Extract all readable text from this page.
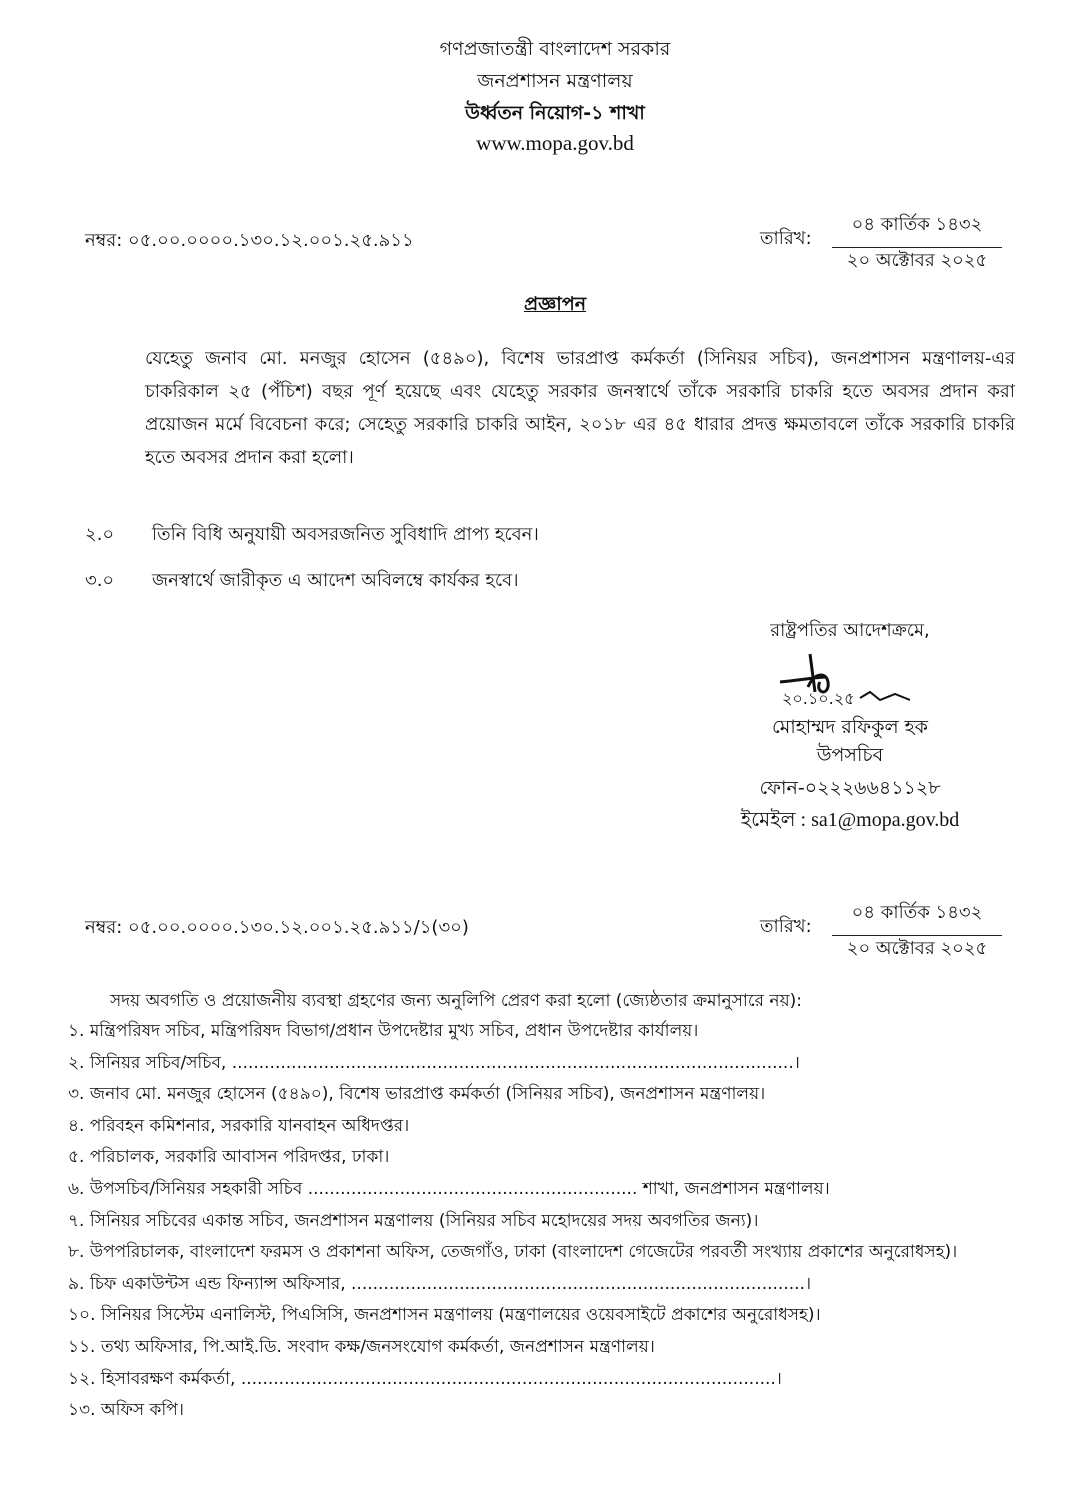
গণপ্রজাতন্ত্রী বাংলাদেশ সরকার
জনপ্রশাসন মন্ত্রণালয়
উর্ধ্বতন নিয়োগ-১ শাখা
www.mopa.gov.bd
নম্বর: ০৫.০০.০০০০.১৩০.১২.০০১.২৫.৯১১	তারিখ:
০৪ কার্তিক ১৪৩২
২০ অক্টোবর ২০২৫
প্রজ্ঞাপন
যেহেতু জনাব মো. মনজুর হোসেন (৫৪৯০), বিশেষ ভারপ্রাপ্ত কর্মকর্তা (সিনিয়র সচিব), জনপ্রশাসন মন্ত্রণালয়-এর চাকরিকাল ২৫ (পঁচিশ) বছর পূর্ণ হয়েছে এবং যেহেতু সরকার জনস্বার্থে তাঁকে সরকারি চাকরি হতে অবসর প্রদান করা প্রয়োজন মর্মে বিবেচনা করে; সেহেতু সরকারি চাকরি আইন, ২০১৮ এর ৪৫ ধারার প্রদত্ত ক্ষমতাবলে তাঁকে সরকারি চাকরি হতে অবসর প্রদান করা হলো।
২.০ তিনি বিধি অনুযায়ী অবসরজনিত সুবিধাদি প্রাপ্য হবেন।
৩.০ জনস্বার্থে জারীকৃত এ আদেশ অবিলম্বে কার্যকর হবে।
রাষ্ট্রপতির আদেশক্রমে,
২০.১০.২৫
মোহাম্মদ রফিকুল হক
উপসচিব
ফোন-০২২২৬৬৪১১২৮
ইমেইল : sa1@mopa.gov.bd
নম্বর: ০৫.০০.০০০০.১৩০.১২.০০১.২৫.৯১১/১(৩০)	তারিখ:
০৪ কার্তিক ১৪৩২
২০ অক্টোবর ২০২৫
সদয় অবগতি ও প্রয়োজনীয় ব্যবস্থা গ্রহণের জন্য অনুলিপি প্রেরণ করা হলো (জ্যেষ্ঠতার ক্রমানুসারে নয়):
১. মন্ত্রিপরিষদ সচিব, মন্ত্রিপরিষদ বিভাগ/প্রধান উপদেষ্টার মুখ্য সচিব, প্রধান উপদেষ্টার কার্যালয়।
২. সিনিয়র সচিব/সচিব, ........................................................................................................।
৩. জনাব মো. মনজুর হোসেন (৫৪৯০), বিশেষ ভারপ্রাপ্ত কর্মকর্তা (সিনিয়র সচিব), জনপ্রশাসন মন্ত্রণালয়।
৪. পরিবহন কমিশনার, সরকারি যানবাহন অধিদপ্তর।
৫. পরিচালক, সরকারি আবাসন পরিদপ্তর, ঢাকা।
৬. উপসচিব/সিনিয়র সহকারী সচিব ............................................................. শাখা, জনপ্রশাসন মন্ত্রণালয়।
৭. সিনিয়র সচিবের একান্ত সচিব, জনপ্রশাসন মন্ত্রণালয় (সিনিয়র সচিব মহোদয়ের সদয় অবগতির জন্য)।
৮. উপপরিচালক, বাংলাদেশ ফরমস ও প্রকাশনা অফিস, তেজগাঁও, ঢাকা (বাংলাদেশ গেজেটের পরবর্তী সংখ্যায় প্রকাশের অনুরোধসহ)।
৯. চিফ একাউন্টস এন্ড ফিন্যান্স অফিসার, ....................................................................................।
১০. সিনিয়র সিস্টেম এনালিস্ট, পিএসিসি, জনপ্রশাসন মন্ত্রণালয় (মন্ত্রণালয়ের ওয়েবসাইটে প্রকাশের অনুরোধসহ)।
১১. তথ্য অফিসার, পি.আই.ডি. সংবাদ কক্ষ/জনসংযোগ কর্মকর্তা, জনপ্রশাসন মন্ত্রণালয়।
১২. হিসাবরক্ষণ কর্মকর্তা, ...................................................................................................।
১৩. অফিস কপি।
